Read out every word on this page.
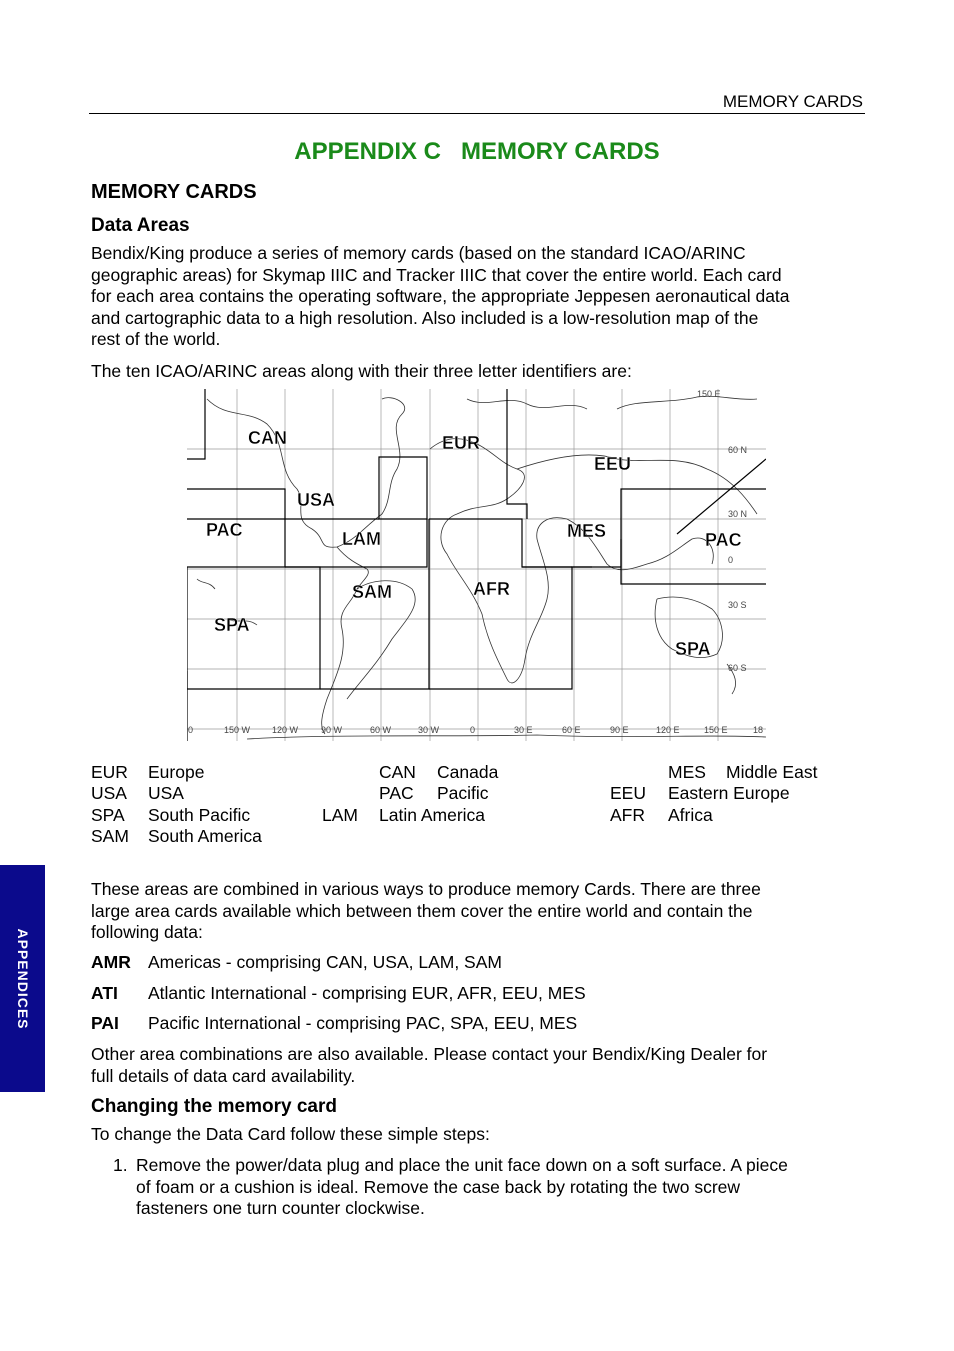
MEMORY CARDS
APPENDIX C   MEMORY CARDS
MEMORY CARDS
Data Areas
Bendix/King produce a series of memory cards (based on the standard ICAO/ARINC
geographic areas) for Skymap IIIC and Tracker IIIC that cover the entire world. Each card
for each area contains the operating software, the appropriate Jeppesen aeronautical data
and cartographic data to a high resolution. Also included is a low-resolution map of the
rest of the world.
The ten ICAO/ARINC areas along with their three letter identifiers are:
CAN	EUR
EEU
USA
PAC	LAM	MES	PAC
SAM	AFR
SPA
SPA
60 N
30 N
0
30 S
60 S
150 E
0	150 W 120 W	90 W	60 W	30 W	0	30 E	60 E	90 E	120 E	150 E	18
EUR Europe	CAN Canada	MES Middle East
USA USA	PAC Pacific	EEU Eastern Europe
SPA South Pacific	LAM Latin America	AFR Africa
SAM South America
These areas are combined in various ways to produce memory Cards. There are three
large area cards available which between them cover the entire world and contain the
following data:
AMR Americas - comprising CAN, USA, LAM, SAM
ATI Atlantic International - comprising EUR, AFR, EEU, MES
PAI Pacific International - comprising PAC, SPA, EEU, MES
Other area combinations are also available. Please contact your Bendix/King Dealer for
full details of data card availability.
Changing the memory card
To change the Data Card follow these simple steps:
1. Remove the power/data plug and place the unit face down on a soft surface. A piece
of foam or a cushion is ideal. Remove the case back by rotating the two screw
fasteners one turn counter clockwise.
APPENDICES
